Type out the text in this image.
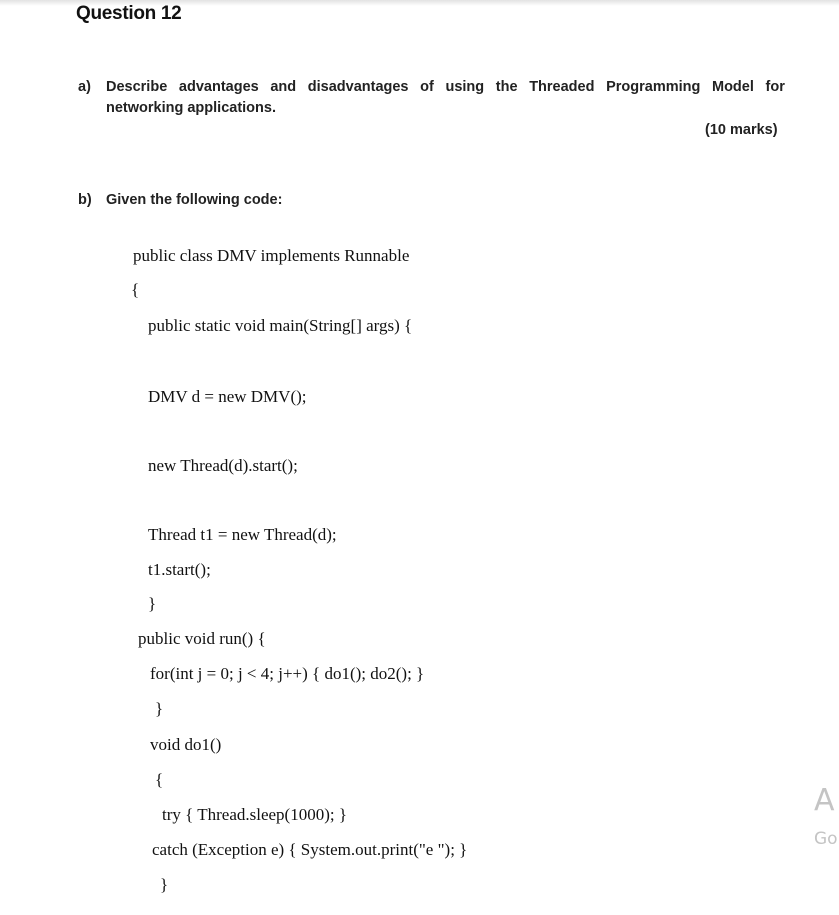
Question 12
a) Describe advantages and disadvantages of using the Threaded Programming Model for
networking applications.
(10 marks)
b) Given the following code:
public class DMV implements Runnable
{
public static void main(String[] args) {
DMV d = new DMV();
new Thread(d).start();
Thread t1 = new Thread(d);
t1.start();
}
public void run() {
for(int j = 0; j < 4; j++) { do1(); do2(); }
}
void do1()
{
try { Thread.sleep(1000); }
catch (Exception e) { System.out.print("e "); }
}
A
Go
